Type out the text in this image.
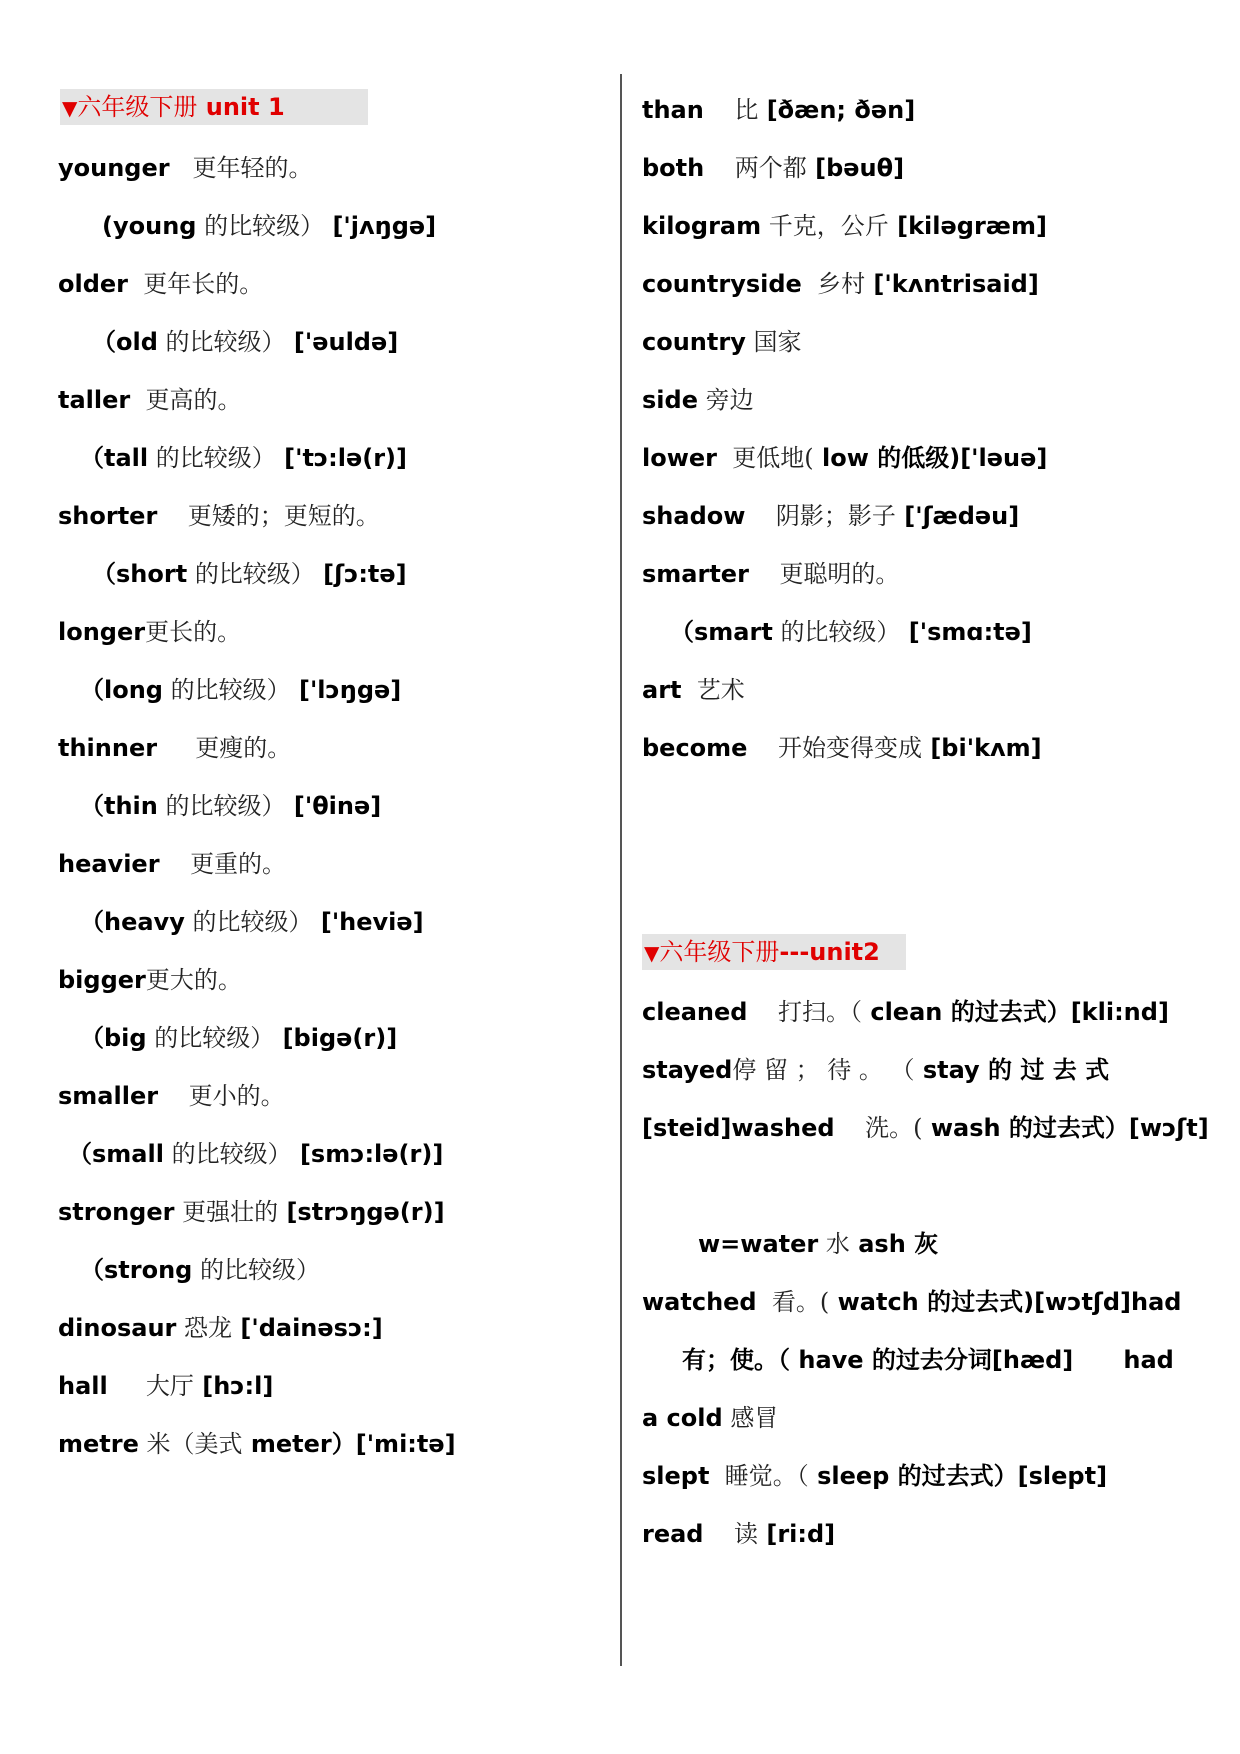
▼六年级下册 unit 1
younger 更年轻的。
(young 的比较级） ['jʌŋgə]
older 更年长的。
（old 的比较级） ['əuldə]
taller 更高的。
（tall 的比较级） ['tɔ:lə(r)]
shorter 更矮的；更短的。
（short 的比较级） [ʃɔ:tə]
longer更长的。
（long 的比较级） ['lɔŋgə]
thinner 更瘦的。
（thin 的比较级） ['θinə]
heavier 更重的。
（heavy 的比较级） ['heviə]
bigger更大的。
（big 的比较级） [bigə(r)]
smaller 更小的。
（small 的比较级） [smɔ:lə(r)]
stronger 更强壮的 [strɔŋgə(r)]
（strong 的比较级）
dinosaur 恐龙 ['dainəsɔ:]
hall 大厅 [hɔ:l]
metre 米（美式 meter）['mi:tə]
than 比 [ðæn; ðən]
both 两个都 [bəuθ]
kilogram 千克，公斤 [kiləgræm]
countryside 乡村 ['kʌntrisaid]
country 国家
side 旁边
lower 更低地( low 的低级)['ləuə]
shadow 阴影；影子 ['ʃædəu]
smarter 更聪明的。
（smart 的比较级） ['smɑ:tə]
art 艺术
become 开始变得变成 [bi'kʌm]
▼六年级下册---unit2
cleaned 打扫。（ clean 的过去式）[kli:nd]
stayed停 留 ； 待 。 （ stay 的 过 去 式
[steid]washed 洗。( wash 的过去式）[wɔʃt]
w=water 水 ash 灰
watched 看。( watch 的过去式)[wɔtʃd]had
有；使。（ have 的过去分词[hæd]      had
a cold 感冒
slept 睡觉。（ sleep 的过去式）[slept]
read 读 [ri:d]
